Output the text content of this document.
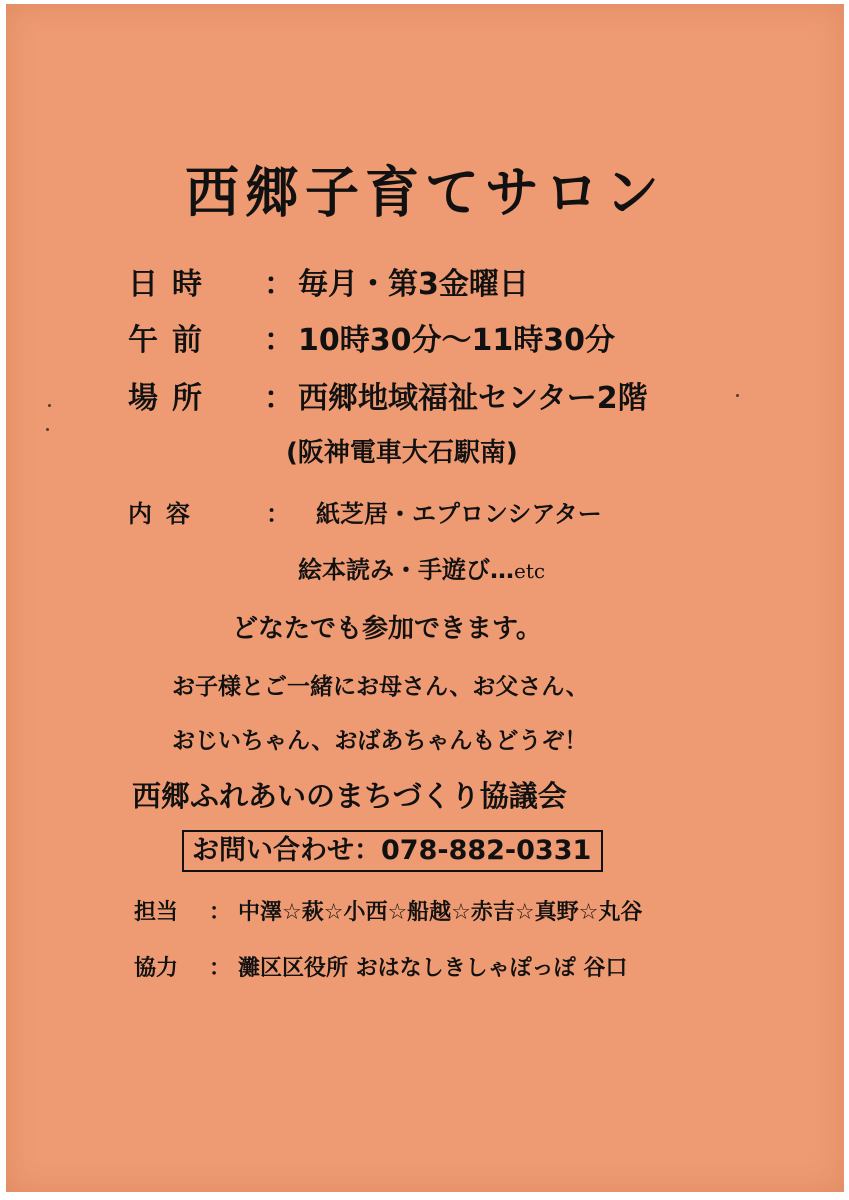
西郷子育てサロン
日時 ： 毎月・第3金曜日
午前 ： 10時30分～11時30分
場所 ： 西郷地域福祉センター2階
(阪神電車大石駅南)
内容	： 紙芝居・エプロンシアター
絵本読み・手遊び…etc
どなたでも参加できます。
お子様とご一緒にお母さん、お父さん、
おじいちゃん、おばあちゃんもどうぞ！
西郷ふれあいのまちづくり協議会
お問い合わせ：078-882-0331
担当 ： 中澤☆萩☆小西☆船越☆赤吉☆真野☆丸谷
協力 ： 灘区区役所 おはなしきしゃぽっぽ 谷口
